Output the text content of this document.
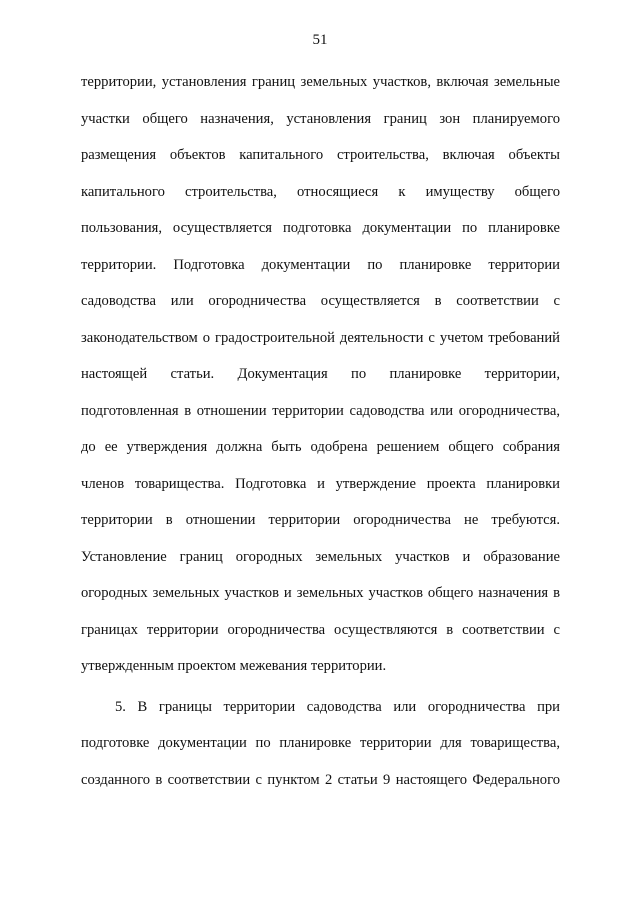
51
территории, установления границ земельных участков, включая земельные
участки общего назначения, установления границ зон планируемого
размещения объектов капитального строительства, включая объекты
капитального строительства, относящиеся к имуществу общего
пользования, осуществляется подготовка документации по планировке
территории. Подготовка документации по планировке территории
садоводства или огородничества осуществляется в соответствии с
законодательством о градостроительной деятельности с учетом требований
настоящей статьи. Документация по планировке территории,
подготовленная в отношении территории садоводства или огородничества,
до ее утверждения должна быть одобрена решением общего собрания
членов товарищества. Подготовка и утверждение проекта планировки
территории в отношении территории огородничества не требуются.
Установление границ огородных земельных участков и образование
огородных земельных участков и земельных участков общего назначения в
границах территории огородничества осуществляются в соответствии с
утвержденным проектом межевания территории.
5. В границы территории садоводства или огородничества при
подготовке документации по планировке территории для товарищества,
созданного в соответствии с пунктом 2 статьи 9 настоящего Федерального
